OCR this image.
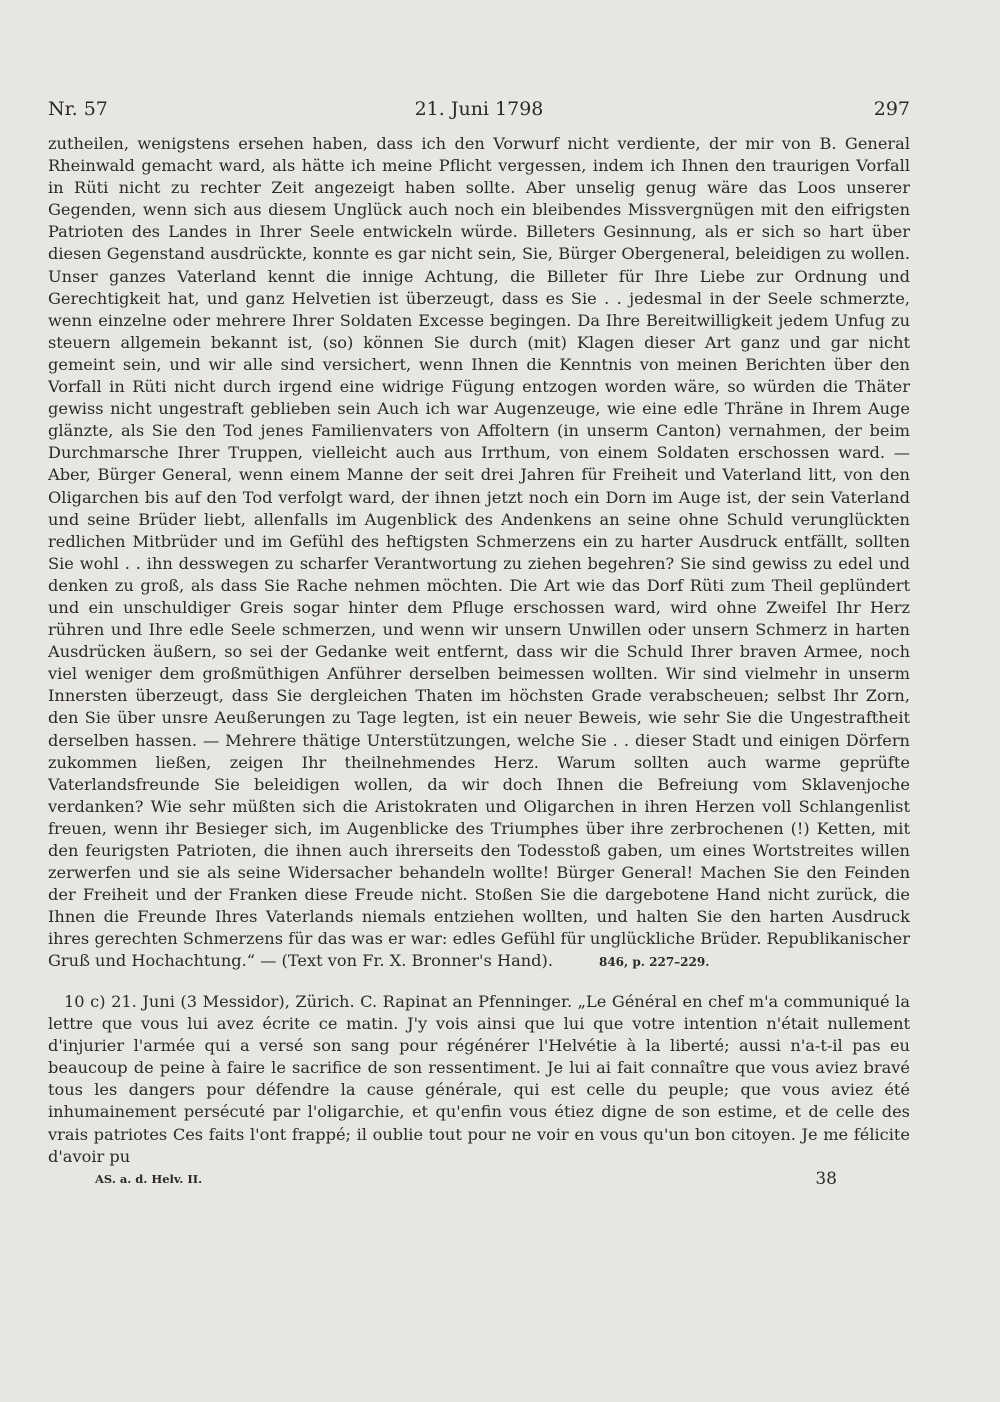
Nr. 57	21. Juni 1798	297

zutheilen, wenigstens ersehen haben, dass ich den Vorwurf nicht verdiente, der mir von B. General Rheinwald gemacht ward, als hätte ich meine Pflicht vergessen, indem ich Ihnen den traurigen Vorfall in Rüti nicht zu rechter Zeit angezeigt haben sollte. Aber unselig genug wäre das Loos unserer Gegenden, wenn sich aus diesem Unglück auch noch ein bleibendes Missvergnügen mit den eifrigsten Patrioten des Landes in Ihrer Seele entwickeln würde. Billeters Gesinnung, als er sich so hart über diesen Gegenstand ausdrückte, konnte es gar nicht sein, Sie, Bürger Obergeneral, beleidigen zu wollen. Unser ganzes Vaterland kennt die innige Achtung, die Billeter für Ihre Liebe zur Ordnung und Gerechtigkeit hat, und ganz Helvetien ist überzeugt, dass es Sie . . jedesmal in der Seele schmerzte, wenn einzelne oder mehrere Ihrer Soldaten Excesse begingen. Da Ihre Bereitwilligkeit jedem Unfug zu steuern allgemein bekannt ist, (so) können Sie durch (mit) Klagen dieser Art ganz und gar nicht gemeint sein, und wir alle sind versichert, wenn Ihnen die Kenntnis von meinen Berichten über den Vorfall in Rüti nicht durch irgend eine widrige Fügung entzogen worden wäre, so würden die Thäter gewiss nicht ungestraft geblieben sein Auch ich war Augenzeuge, wie eine edle Thräne in Ihrem Auge glänzte, als Sie den Tod jenes Familienvaters von Affoltern (in unserm Canton) vernahmen, der beim Durchmarsche Ihrer Truppen, vielleicht auch aus Irrthum, von einem Soldaten erschossen ward. — Aber, Bürger General, wenn einem Manne der seit drei Jahren für Freiheit und Vaterland litt, von den Oligarchen bis auf den Tod verfolgt ward, der ihnen jetzt noch ein Dorn im Auge ist, der sein Vaterland und seine Brüder liebt, allenfalls im Augenblick des Andenkens an seine ohne Schuld verunglückten redlichen Mitbrüder und im Gefühl des heftigsten Schmerzens ein zu harter Ausdruck entfällt, sollten Sie wohl . . ihn desswegen zu scharfer Verantwortung zu ziehen begehren? Sie sind gewiss zu edel und denken zu groß, als dass Sie Rache nehmen möchten. Die Art wie das Dorf Rüti zum Theil geplündert und ein unschuldiger Greis sogar hinter dem Pfluge erschossen ward, wird ohne Zweifel Ihr Herz rühren und Ihre edle Seele schmerzen, und wenn wir unsern Unwillen oder unsern Schmerz in harten Ausdrücken äußern, so sei der Gedanke weit entfernt, dass wir die Schuld Ihrer braven Armee, noch viel weniger dem großmüthigen Anführer derselben beimessen wollten. Wir sind vielmehr in unserm Innersten überzeugt, dass Sie dergleichen Thaten im höchsten Grade verabscheuen; selbst Ihr Zorn, den Sie über unsre Aeußerungen zu Tage legten, ist ein neuer Beweis, wie sehr Sie die Ungestraftheit derselben hassen. — Mehrere thätige Unterstützungen, welche Sie . . dieser Stadt und einigen Dörfern zukommen ließen, zeigen Ihr theilnehmendes Herz. Warum sollten auch warme geprüfte Vaterlandsfreunde Sie beleidigen wollen, da wir doch Ihnen die Befreiung vom Sklavenjoche verdanken? Wie sehr müßten sich die Aristokraten und Oligarchen in ihren Herzen voll Schlangenlist freuen, wenn ihr Besieger sich, im Augenblicke des Triumphes über ihre zerbrochenen (!) Ketten, mit den feurigsten Patrioten, die ihnen auch ihrerseits den Todesstoß gaben, um eines Wortstreites willen zerwerfen und sie als seine Widersacher behandeln wollte! Bürger General! Machen Sie den Feinden der Freiheit und der Franken diese Freude nicht. Stoßen Sie die dargebotene Hand nicht zurück, die Ihnen die Freunde Ihres Vaterlands niemals entziehen wollten, und halten Sie den harten Ausdruck ihres gerechten Schmerzens für das was er war: edles Gefühl für unglückliche Brüder. Republikanischer Gruß und Hochachtung.“ — (Text von Fr. X. Bronner's Hand).	846, p. 227–229.

10 c) 21. Juni (3 Messidor), Zürich. C. Rapinat an Pfenninger. „Le Général en chef m'a communiqué la lettre que vous lui avez écrite ce matin. J'y vois ainsi que lui que votre intention n'était nullement d'injurier l'armée qui a versé son sang pour régénérer l'Helvétie à la liberté; aussi n'a-t-il pas eu beaucoup de peine à faire le sacrifice de son ressentiment. Je lui ai fait connaître que vous aviez bravé tous les dangers pour défendre la cause générale, qui est celle du peuple; que vous aviez été inhumainement persécuté par l'oligarchie, et qu'enfin vous étiez digne de son estime, et de celle des vrais patriotes Ces faits l'ont frappé; il oublie tout pour ne voir en vous qu'un bon citoyen. Je me félicite d'avoir pu

AS. a. d. Helv. II.	38
